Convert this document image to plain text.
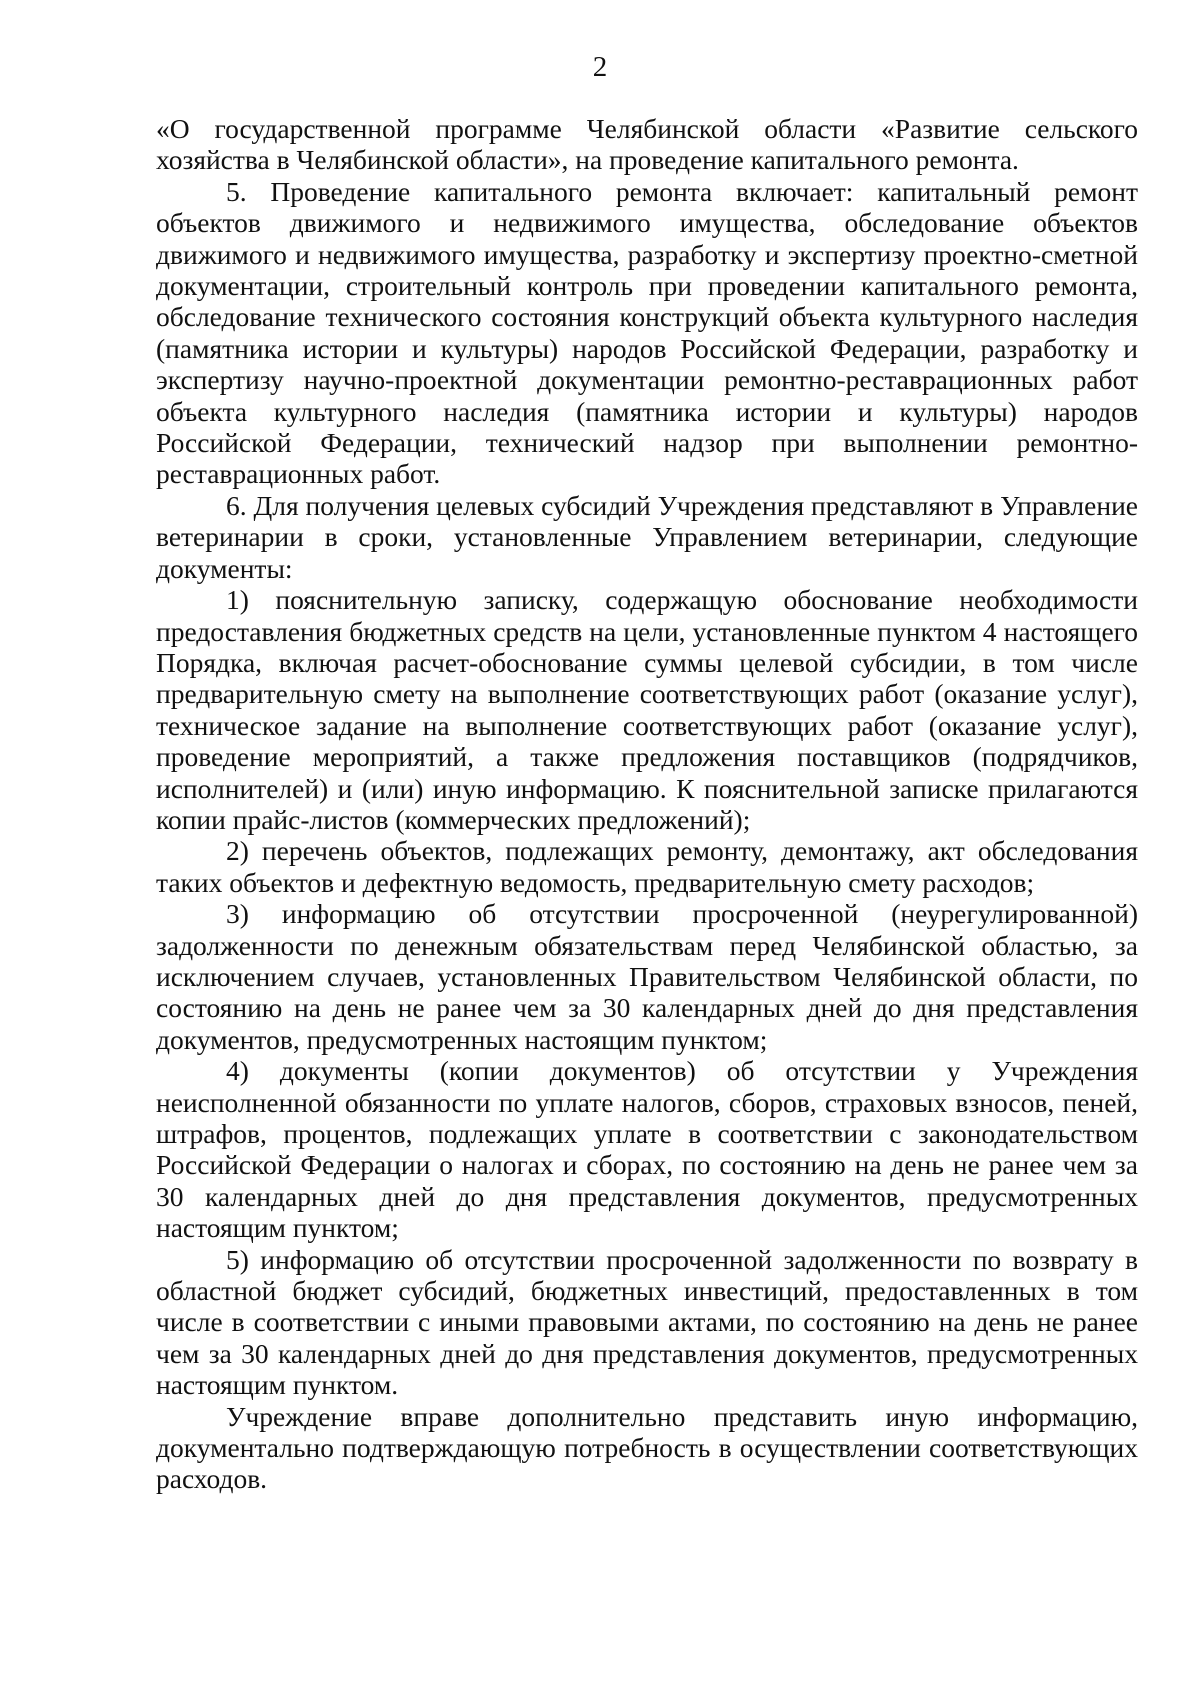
2

«О государственной программе Челябинской области «Развитие сельского хозяйства в Челябинской области», на проведение капитального ремонта.

5. Проведение капитального ремонта включает: капитальный ремонт объектов движимого и недвижимого имущества, обследование объектов движимого и недвижимого имущества, разработку и экспертизу проектно-сметной документации, строительный контроль при проведении капитального ремонта, обследование технического состояния конструкций объекта культурного наследия (памятника истории и культуры) народов Российской Федерации, разработку и экспертизу научно-проектной документации ремонтно-реставрационных работ объекта культурного наследия (памятника истории и культуры) народов Российской Федерации, технический надзор при выполнении ремонтно-реставрационных работ.

6. Для получения целевых субсидий Учреждения представляют в Управление ветеринарии в сроки, установленные Управлением ветеринарии, следующие документы:

1) пояснительную записку, содержащую обоснование необходимости предоставления бюджетных средств на цели, установленные пунктом 4 настоящего Порядка, включая расчет-обоснование суммы целевой субсидии, в том числе предварительную смету на выполнение соответствующих работ (оказание услуг), техническое задание на выполнение соответствующих работ (оказание услуг), проведение мероприятий, а также предложения поставщиков (подрядчиков, исполнителей) и (или) иную информацию. К пояснительной записке прилагаются копии прайс-листов (коммерческих предложений);

2) перечень объектов, подлежащих ремонту, демонтажу, акт обследования таких объектов и дефектную ведомость, предварительную смету расходов;

3) информацию об отсутствии просроченной (неурегулированной) задолженности по денежным обязательствам перед Челябинской областью, за исключением случаев, установленных Правительством Челябинской области, по состоянию на день не ранее чем за 30 календарных дней до дня представления документов, предусмотренных настоящим пунктом;

4) документы (копии документов) об отсутствии у Учреждения неисполненной обязанности по уплате налогов, сборов, страховых взносов, пеней, штрафов, процентов, подлежащих уплате в соответствии с законодательством Российской Федерации о налогах и сборах, по состоянию на день не ранее чем за 30 календарных дней до дня представления документов, предусмотренных настоящим пунктом;

5) информацию об отсутствии просроченной задолженности по возврату в областной бюджет субсидий, бюджетных инвестиций, предоставленных в том числе в соответствии с иными правовыми актами, по состоянию на день не ранее чем за 30 календарных дней до дня представления документов, предусмотренных настоящим пунктом.

Учреждение вправе дополнительно представить иную информацию, документально подтверждающую потребность в осуществлении соответствующих расходов.
